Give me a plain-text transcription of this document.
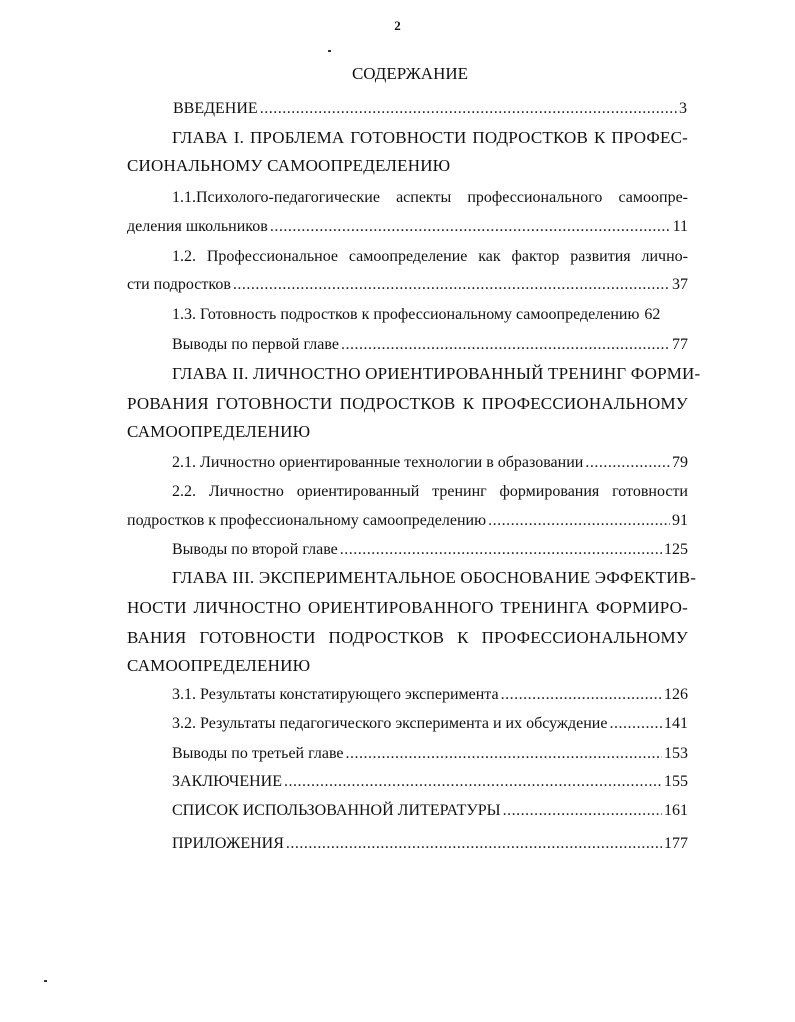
2
СОДЕРЖАНИЕ
ВВЕДЕНИЕ .....	3
ГЛАВА I. ПРОБЛЕМА ГОТОВНОСТИ ПОДРОСТКОВ К ПРОФЕС-
СИОНАЛЬНОМУ САМООПРЕДЕЛЕНИЮ
1.1.Психолого-педагогические аспекты профессионального самоопре-
деления школьников .....	11
1.2. Профессиональное самоопределение как фактор развития лично-
сти подростков .....	37
1.3. Готовность подростков к профессиональному самоопределению 62
Выводы по первой главе .....	77
ГЛАВА II. ЛИЧНОСТНО ОРИЕНТИРОВАННЫЙ ТРЕНИНГ ФОРМИ-
РОВАНИЯ ГОТОВНОСТИ ПОДРОСТКОВ К ПРОФЕССИОНАЛЬНОМУ
САМООПРЕДЕЛЕНИЮ
2.1. Личностно ориентированные технологии в образовании .....	79
2.2. Личностно ориентированный тренинг формирования готовности
подростков к профессиональному самоопределению .....	91
Выводы по второй главе .....	125
ГЛАВА III. ЭКСПЕРИМЕНТАЛЬНОЕ ОБОСНОВАНИЕ ЭФФЕКТИВ-
НОСТИ ЛИЧНОСТНО ОРИЕНТИРОВАННОГО ТРЕНИНГА ФОРМИРО-
ВАНИЯ ГОТОВНОСТИ ПОДРОСТКОВ К ПРОФЕССИОНАЛЬНОМУ
САМООПРЕДЕЛЕНИЮ
3.1. Результаты констатирующего эксперимента .....	126
3.2. Результаты педагогического эксперимента и их обсуждение .....	141
Выводы по третьей главе .....	153
ЗАКЛЮЧЕНИЕ .....	155
СПИСОК ИСПОЛЬЗОВАННОЙ ЛИТЕРАТУРЫ .....	161
ПРИЛОЖЕНИЯ .....	177
